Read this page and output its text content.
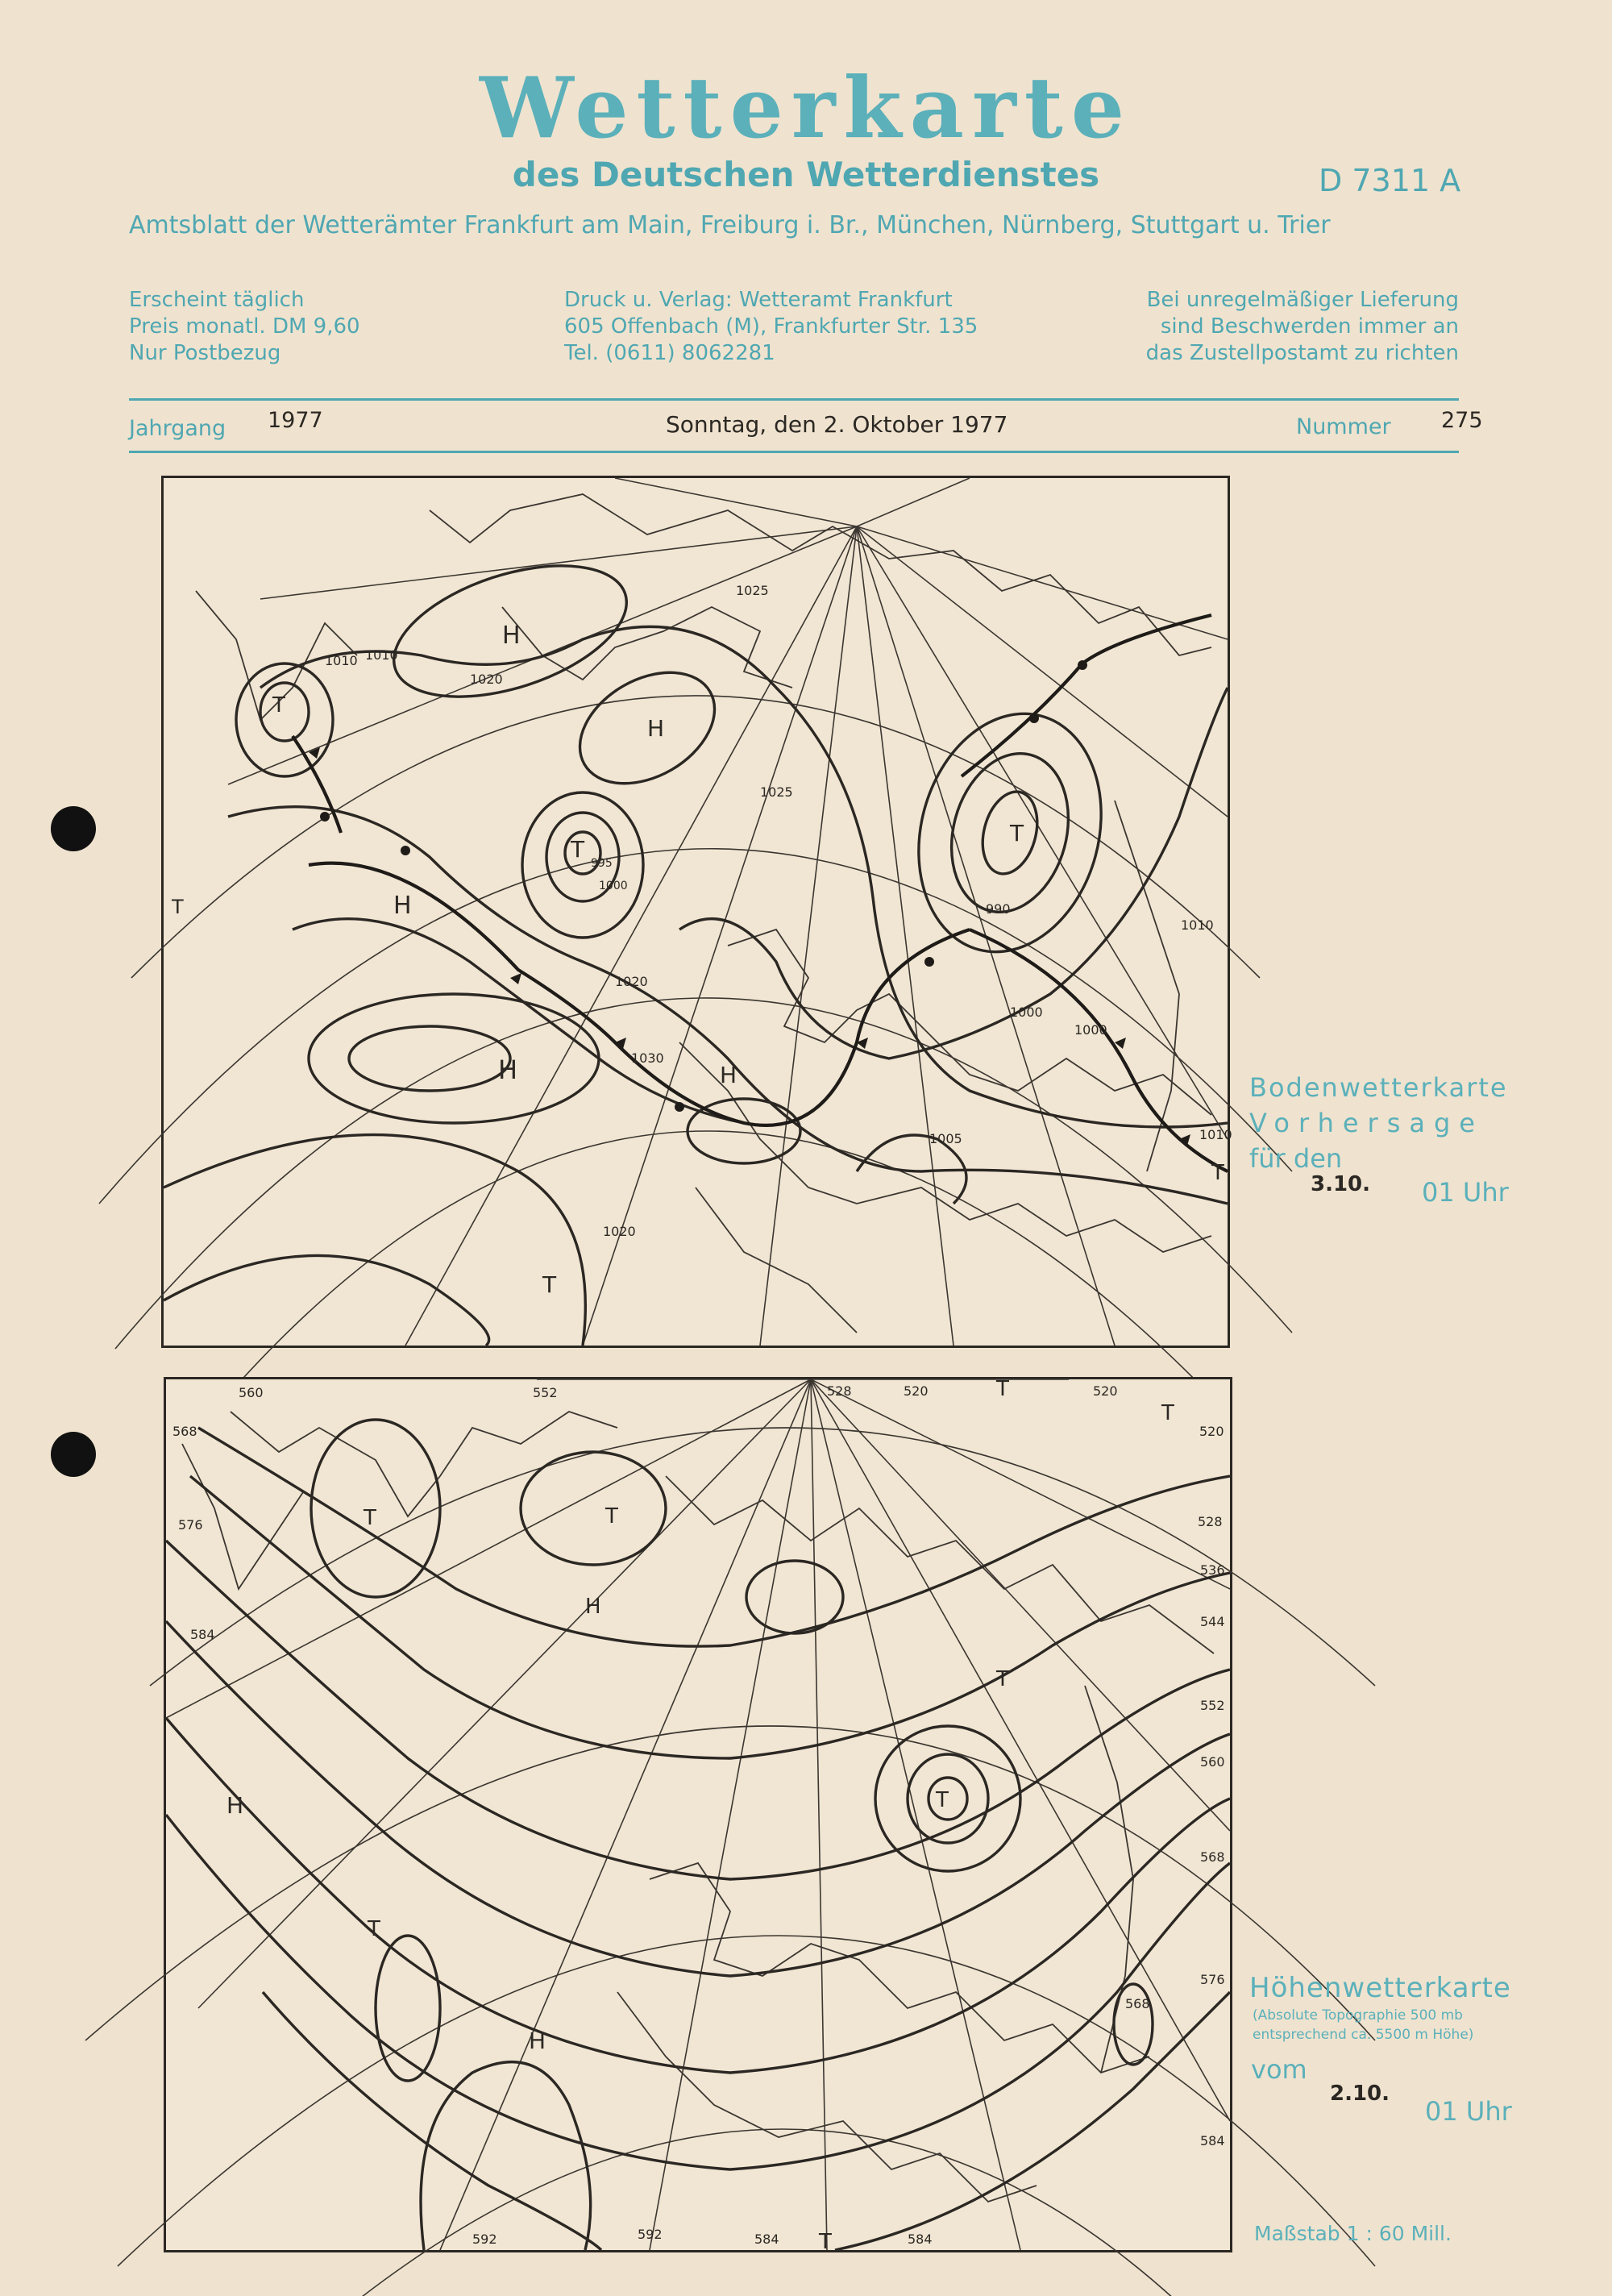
Wetterkarte
des Deutschen Wetterdienstes	D 7311 A
Amtsblatt der Wetterämter Frankfurt am Main, Freiburg i. Br., München, Nürnberg, Stuttgart u. Trier
Erscheint täglich
Preis monatl. DM 9,60
Nur Postbezug
Druck u. Verlag: Wetteramt Frankfurt
605 Offenbach (M), Frankfurter Str. 135
Tel. (0611) 8062281
Bei unregelmäßiger Lieferung
sind Beschwerden immer an
das Zustellpostamt zu richten
Jahrgang 1977	Sonntag, den 2. Oktober 1977	Nummer 275
H
H
H
H	H
T
T
T
T
T
T
1025
1020
1010 1010
990
995
1000
1000
1000
1020
1030
1005
1020
1025
1010
1010
Bodenwetterkarte
Vorhersage
für den
3.10. 01 Uhr
560	552	528	520	520
568
576
584
520
528
536
544
552
560
568
576
584
568
592	592	584	584
H
H
H
T	T
T
T
T
T
T
T
Höhenwetterkarte
(Absolute Topographie 500 mb
entsprechend ca. 5500 m Höhe)
vom
2.10.
01 Uhr
Maßstab 1 : 60 Mill.
